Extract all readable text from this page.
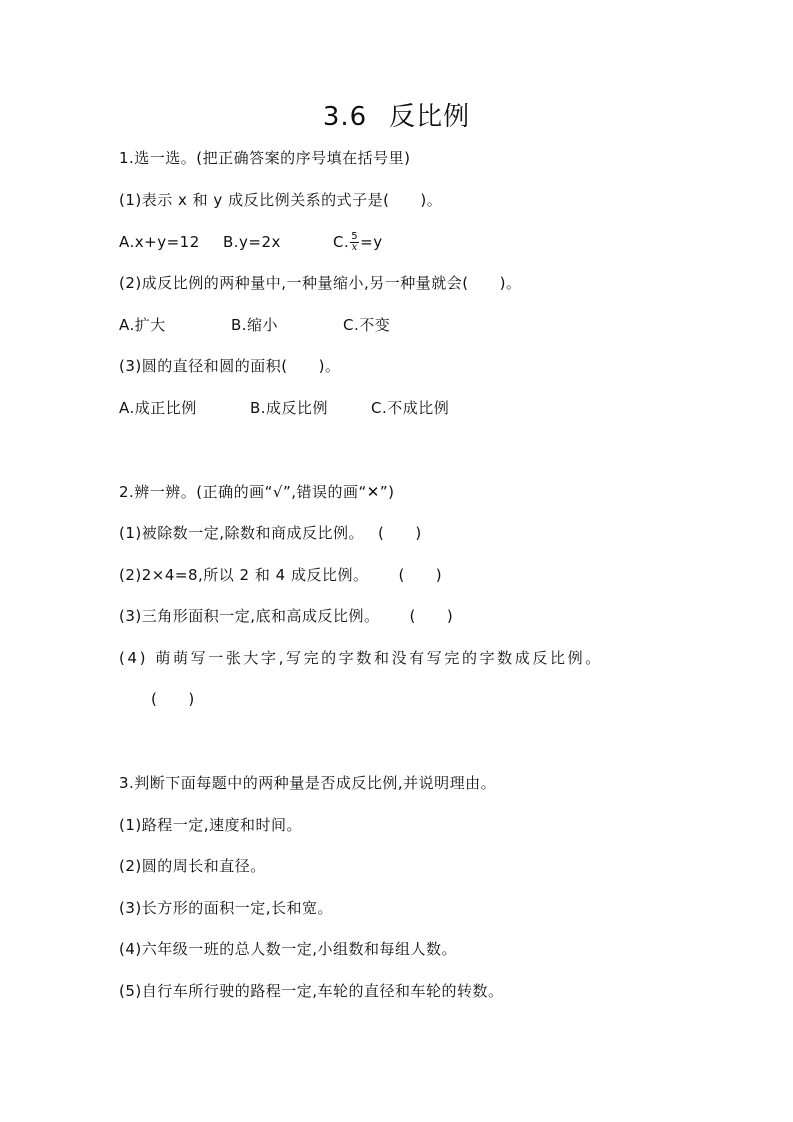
3.6 反比例
1.选一选。(把正确答案的序号填在括号里)
(1)表示 x 和 y 成反比例关系的式子是(　　)。
A.x+y=12 B.y=2x	C. $\frac{5}{x} =y$
(2)成反比例的两种量中,一种量缩小,另一种量就会(　　)。
A.扩大	B.缩小	C.不变
(3)圆的直径和圆的面积(　　)。
A.成正比例	B.成反比例	C.不成比例
2.辨一辨。(正确的画“√”,错误的画“✕”)
(1)被除数一定,除数和商成反比例。 (　　)
(2)2×4=8,所以 2 和 4 成反比例。 (　　)
(3)三角形面积一定,底和高成反比例。 (　　)
(4) 萌萌写一张大字,写完的字数和没有写完的字数成反比例。
(　　)
3.判断下面每题中的两种量是否成反比例,并说明理由。
(1)路程一定,速度和时间。
(2)圆的周长和直径。
(3)长方形的面积一定,长和宽。
(4)六年级一班的总人数一定,小组数和每组人数。
(5)自行车所行驶的路程一定,车轮的直径和车轮的转数。
